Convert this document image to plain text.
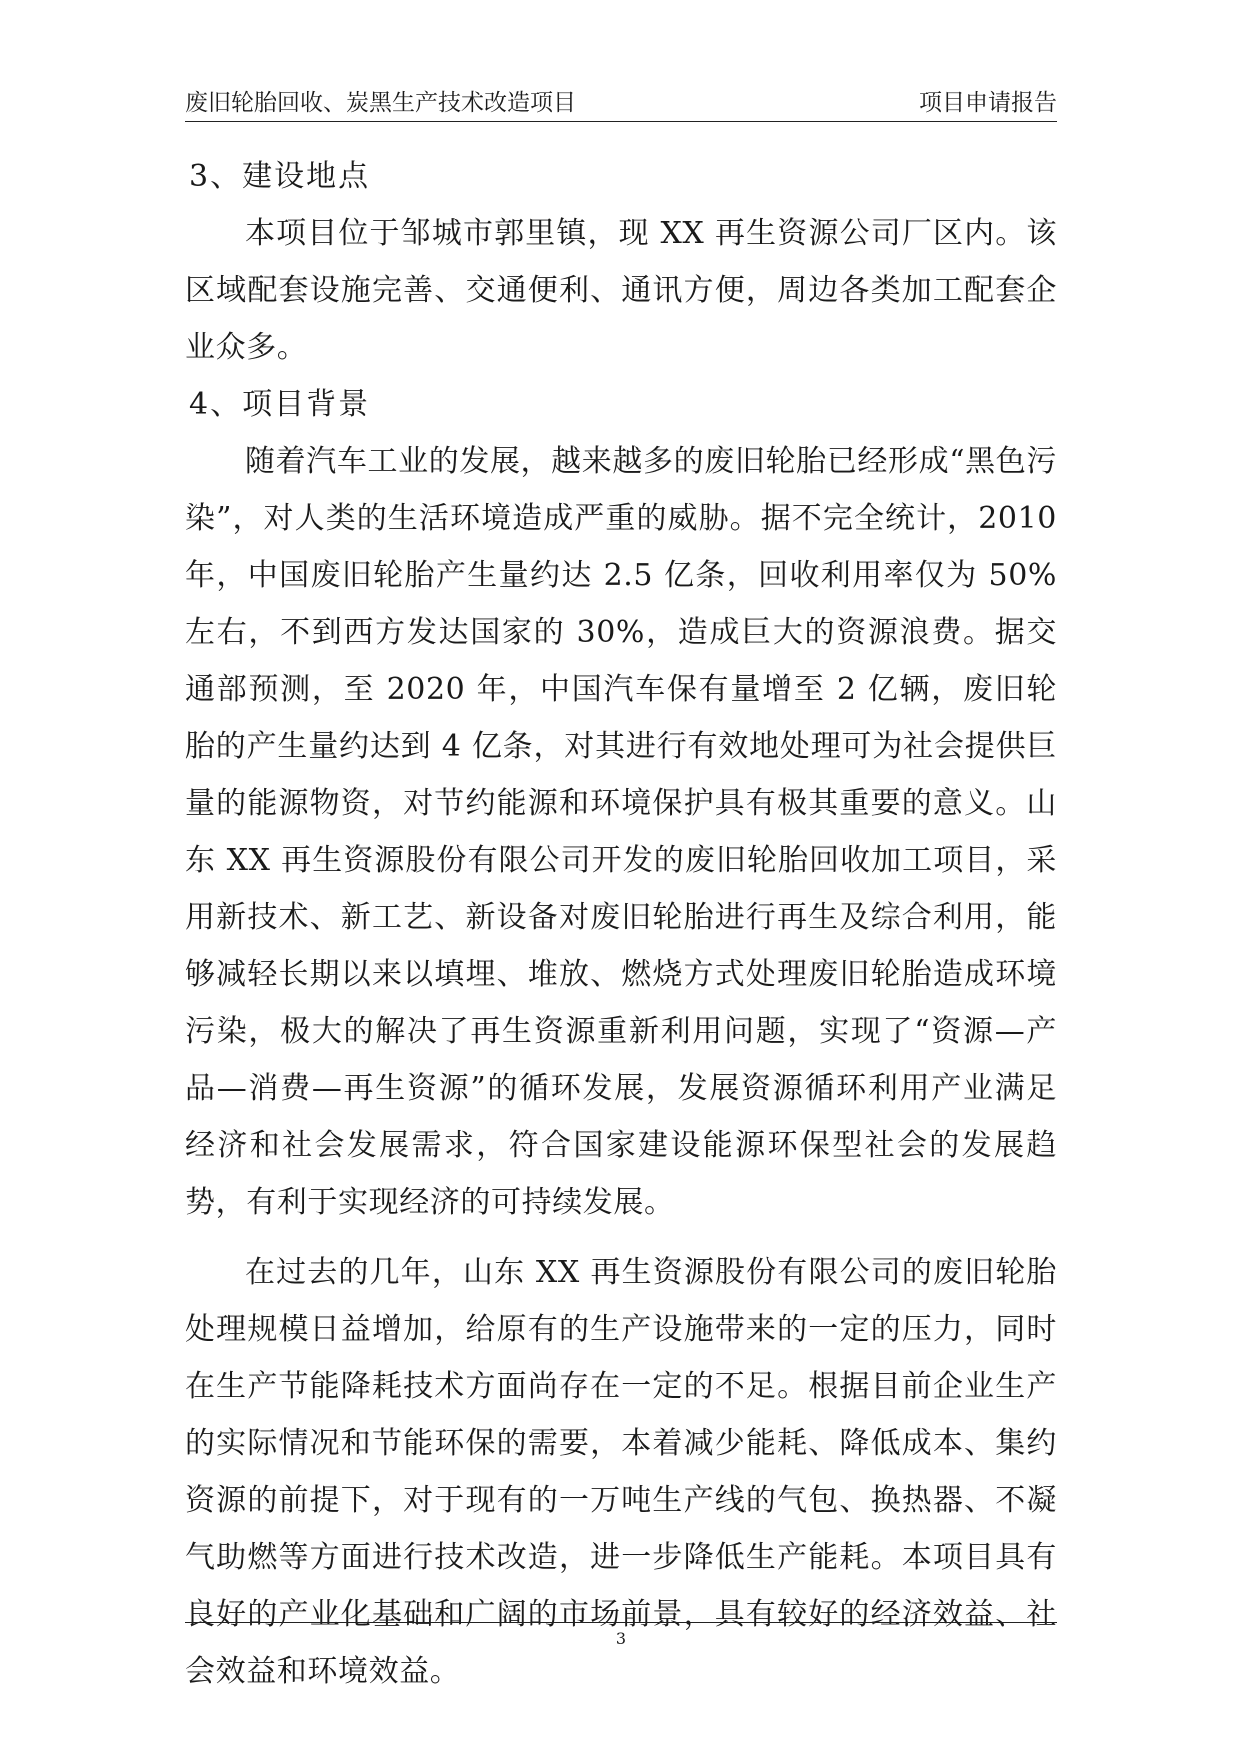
废旧轮胎回收、炭黑生产技术改造项目	项目申请报告

3、建设地点

本项目位于邹城市郭里镇，现 XX 再生资源公司厂区内。该区域配套设施完善、交通便利、通讯方便，周边各类加工配套企业众多。

4、项目背景

随着汽车工业的发展，越来越多的废旧轮胎已经形成“黑色污染”，对人类的生活环境造成严重的威胁。据不完全统计，2010 年，中国废旧轮胎产生量约达 2.5 亿条，回收利用率仅为 50%左右，不到西方发达国家的 30%，造成巨大的资源浪费。据交通部预测，至 2020 年，中国汽车保有量增至 2 亿辆，废旧轮胎的产生量约达到 4 亿条，对其进行有效地处理可为社会提供巨量的能源物资，对节约能源和环境保护具有极其重要的意义。山东 XX 再生资源股份有限公司开发的废旧轮胎回收加工项目，采用新技术、新工艺、新设备对废旧轮胎进行再生及综合利用，能够减轻长期以来以填埋、堆放、燃烧方式处理废旧轮胎造成环境污染，极大的解决了再生资源重新利用问题，实现了“资源—产品—消费—再生资源”的循环发展，发展资源循环利用产业满足经济和社会发展需求，符合国家建设能源环保型社会的发展趋势，有利于实现经济的可持续发展。

在过去的几年，山东 XX 再生资源股份有限公司的废旧轮胎处理规模日益增加，给原有的生产设施带来的一定的压力，同时在生产节能降耗技术方面尚存在一定的不足。根据目前企业生产的实际情况和节能环保的需要，本着减少能耗、降低成本、集约资源的前提下，对于现有的一万吨生产线的气包、换热器、不凝气助燃等方面进行技术改造，进一步降低生产能耗。本项目具有良好的产业化基础和广阔的市场前景，具有较好的经济效益、社会效益和环境效益。

3
